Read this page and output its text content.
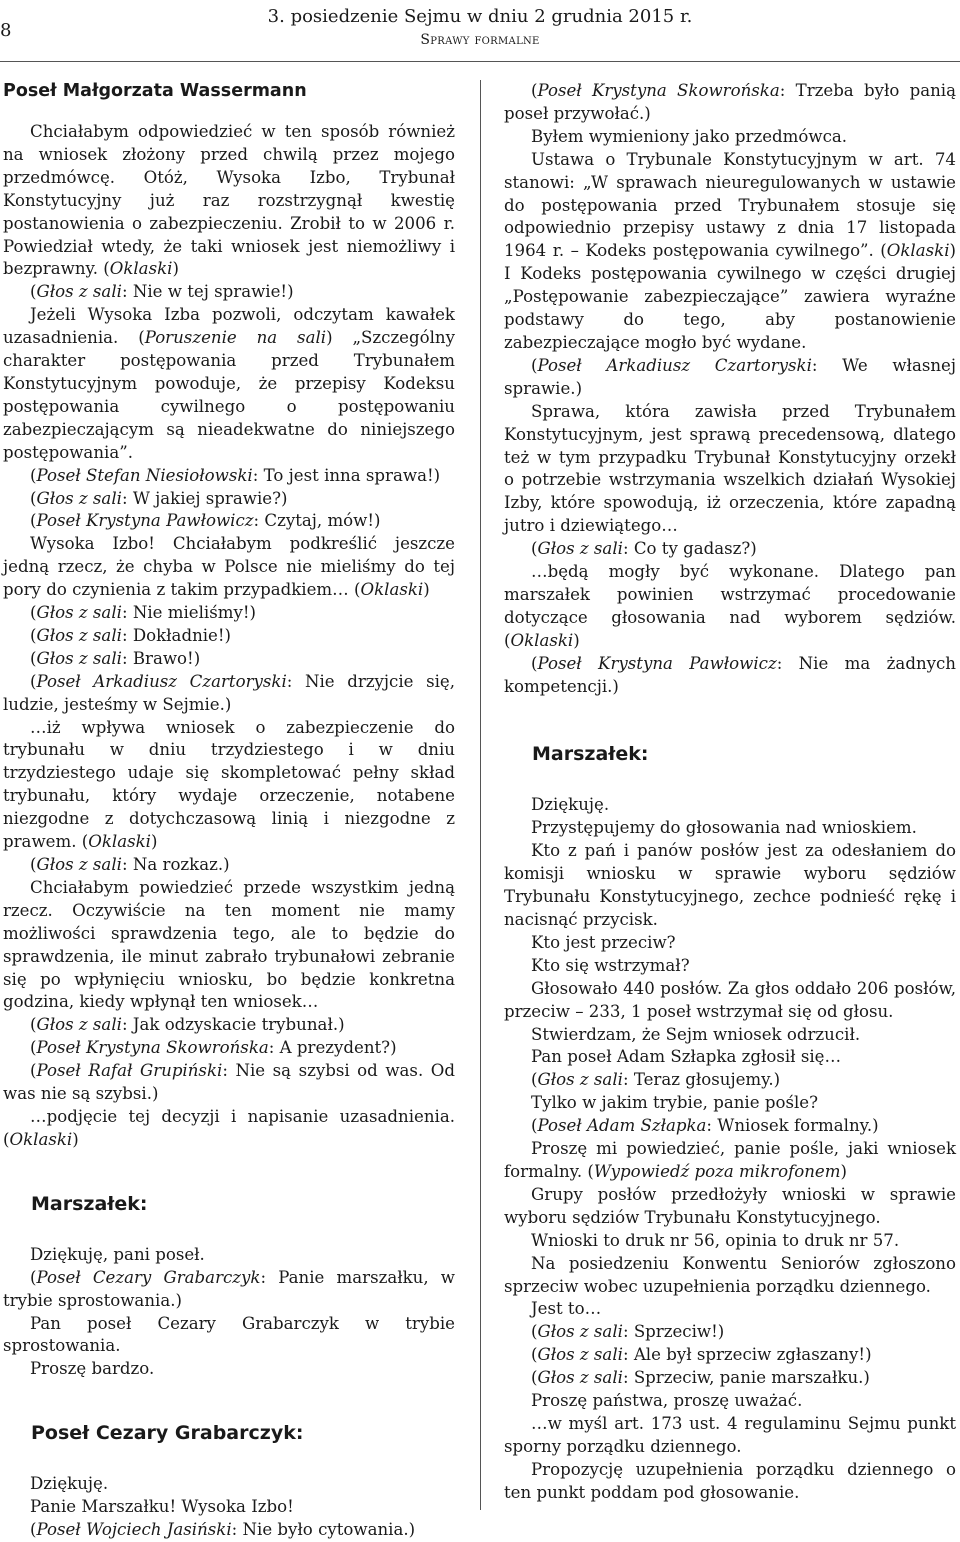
8
3. posiedzenie Sejmu w dniu 2 grudnia 2015 r.
Sprawy formalne
Poseł Małgorzata Wassermann

Chciałabym odpowiedzieć w ten sposób również na wniosek złożony przed chwilą przez mojego przedmówcę. Otóż, Wysoka Izbo, Trybunał Konstytucyjny już raz rozstrzygnął kwestię postanowienia o zabezpieczeniu. Zrobił to w 2006 r. Powiedział wtedy, że taki wniosek jest niemożliwy i bezprawny. (Oklaski)

(Głos z sali: Nie w tej sprawie!)

Jeżeli Wysoka Izba pozwoli, odczytam kawałek uzasadnienia. (Poruszenie na sali) „Szczególny charakter postępowania przed Trybunałem Konstytucyjnym powoduje, że przepisy Kodeksu postępowania cywilnego o postępowaniu zabezpieczającym są nieadekwatne do niniejszego postępowania”.

(Poseł Stefan Niesiołowski: To jest inna sprawa!)

(Głos z sali: W jakiej sprawie?)

(Poseł Krystyna Pawłowicz: Czytaj, mów!)

Wysoka Izbo! Chciałabym podkreślić jeszcze jedną rzecz, że chyba w Polsce nie mieliśmy do tej pory do czynienia z takim przypadkiem… (Oklaski)

(Głos z sali: Nie mieliśmy!)

(Głos z sali: Dokładnie!)

(Głos z sali: Brawo!)

(Poseł Arkadiusz Czartoryski: Nie drzyjcie się, ludzie, jesteśmy w Sejmie.)

…iż wpływa wniosek o zabezpieczenie do trybunału w dniu trzydziestego i w dniu trzydziestego udaje się skompletować pełny skład trybunału, który wydaje orzeczenie, notabene niezgodne z dotychczasową linią i niezgodne z prawem. (Oklaski)

(Głos z sali: Na rozkaz.)

Chciałabym powiedzieć przede wszystkim jedną rzecz. Oczywiście na ten moment nie mamy możliwości sprawdzenia tego, ale to będzie do sprawdzenia, ile minut zabrało trybunałowi zebranie się po wpłynięciu wniosku, bo będzie konkretna godzina, kiedy wpłynął ten wniosek…

(Głos z sali: Jak odzyskacie trybunał.)

(Poseł Krystyna Skowrońska: A prezydent?)

(Poseł Rafał Grupiński: Nie są szybsi od was. Od was nie są szybsi.)

…podjęcie tej decyzji i napisanie uzasadnienia. (Oklaski)

Marszałek:

Dziękuję, pani poseł.

(Poseł Cezary Grabarczyk: Panie marszałku, w trybie sprostowania.)

Pan poseł Cezary Grabarczyk w trybie sprostowania.

Proszę bardzo.

Poseł Cezary Grabarczyk:

Dziękuję.

Panie Marszałku! Wysoka Izbo!

(Poseł Wojciech Jasiński: Nie było cytowania.)

(Poseł Krystyna Skowrońska: Trzeba było panią poseł przywołać.)

Byłem wymieniony jako przedmówca.

Ustawa o Trybunale Konstytucyjnym w art. 74 stanowi: „W sprawach nieuregulowanych w ustawie do postępowania przed Trybunałem stosuje się odpowiednio przepisy ustawy z dnia 17 listopada 1964 r. – Kodeks postępowania cywilnego”. (Oklaski) I Kodeks postępowania cywilnego w części drugiej „Postępowanie zabezpieczające” zawiera wyraźne podstawy do tego, aby postanowienie zabezpieczające mogło być wydane.

(Poseł Arkadiusz Czartoryski: We własnej sprawie.)

Sprawa, która zawisła przed Trybunałem Konstytucyjnym, jest sprawą precedensową, dlatego też w tym przypadku Trybunał Konstytucyjny orzekł o potrzebie wstrzymania wszelkich działań Wysokiej Izby, które spowodują, iż orzeczenia, które zapadną jutro i dziewiątego…

(Głos z sali: Co ty gadasz?)

…będą mogły być wykonane. Dlatego pan marszałek powinien wstrzymać procedowanie dotyczące głosowania nad wyborem sędziów. (Oklaski)

(Poseł Krystyna Pawłowicz: Nie ma żadnych kompetencji.)

Marszałek:

Dziękuję.

Przystępujemy do głosowania nad wnioskiem.

Kto z pań i panów posłów jest za odesłaniem do komisji wniosku w sprawie wyboru sędziów Trybunału Konstytucyjnego, zechce podnieść rękę i nacisnąć przycisk.

Kto jest przeciw?

Kto się wstrzymał?

Głosowało 440 posłów. Za głos oddało 206 posłów, przeciw – 233, 1 poseł wstrzymał się od głosu.

Stwierdzam, że Sejm wniosek odrzucił.

Pan poseł Adam Szłapka zgłosił się…

(Głos z sali: Teraz głosujemy.)

Tylko w jakim trybie, panie pośle?

(Poseł Adam Szłapka: Wniosek formalny.)

Proszę mi powiedzieć, panie pośle, jaki wniosek formalny. (Wypowiedź poza mikrofonem)

Grupy posłów przedłożyły wnioski w sprawie wyboru sędziów Trybunału Konstytucyjnego.

Wnioski to druk nr 56, opinia to druk nr 57.

Na posiedzeniu Konwentu Seniorów zgłoszono sprzeciw wobec uzupełnienia porządku dziennego.

Jest to…

(Głos z sali: Sprzeciw!)

(Głos z sali: Ale był sprzeciw zgłaszany!)

(Głos z sali: Sprzeciw, panie marszałku.)

Proszę państwa, proszę uważać.

…w myśl art. 173 ust. 4 regulaminu Sejmu punkt sporny porządku dziennego.

Propozycję uzupełnienia porządku dziennego o ten punkt poddam pod głosowanie.
